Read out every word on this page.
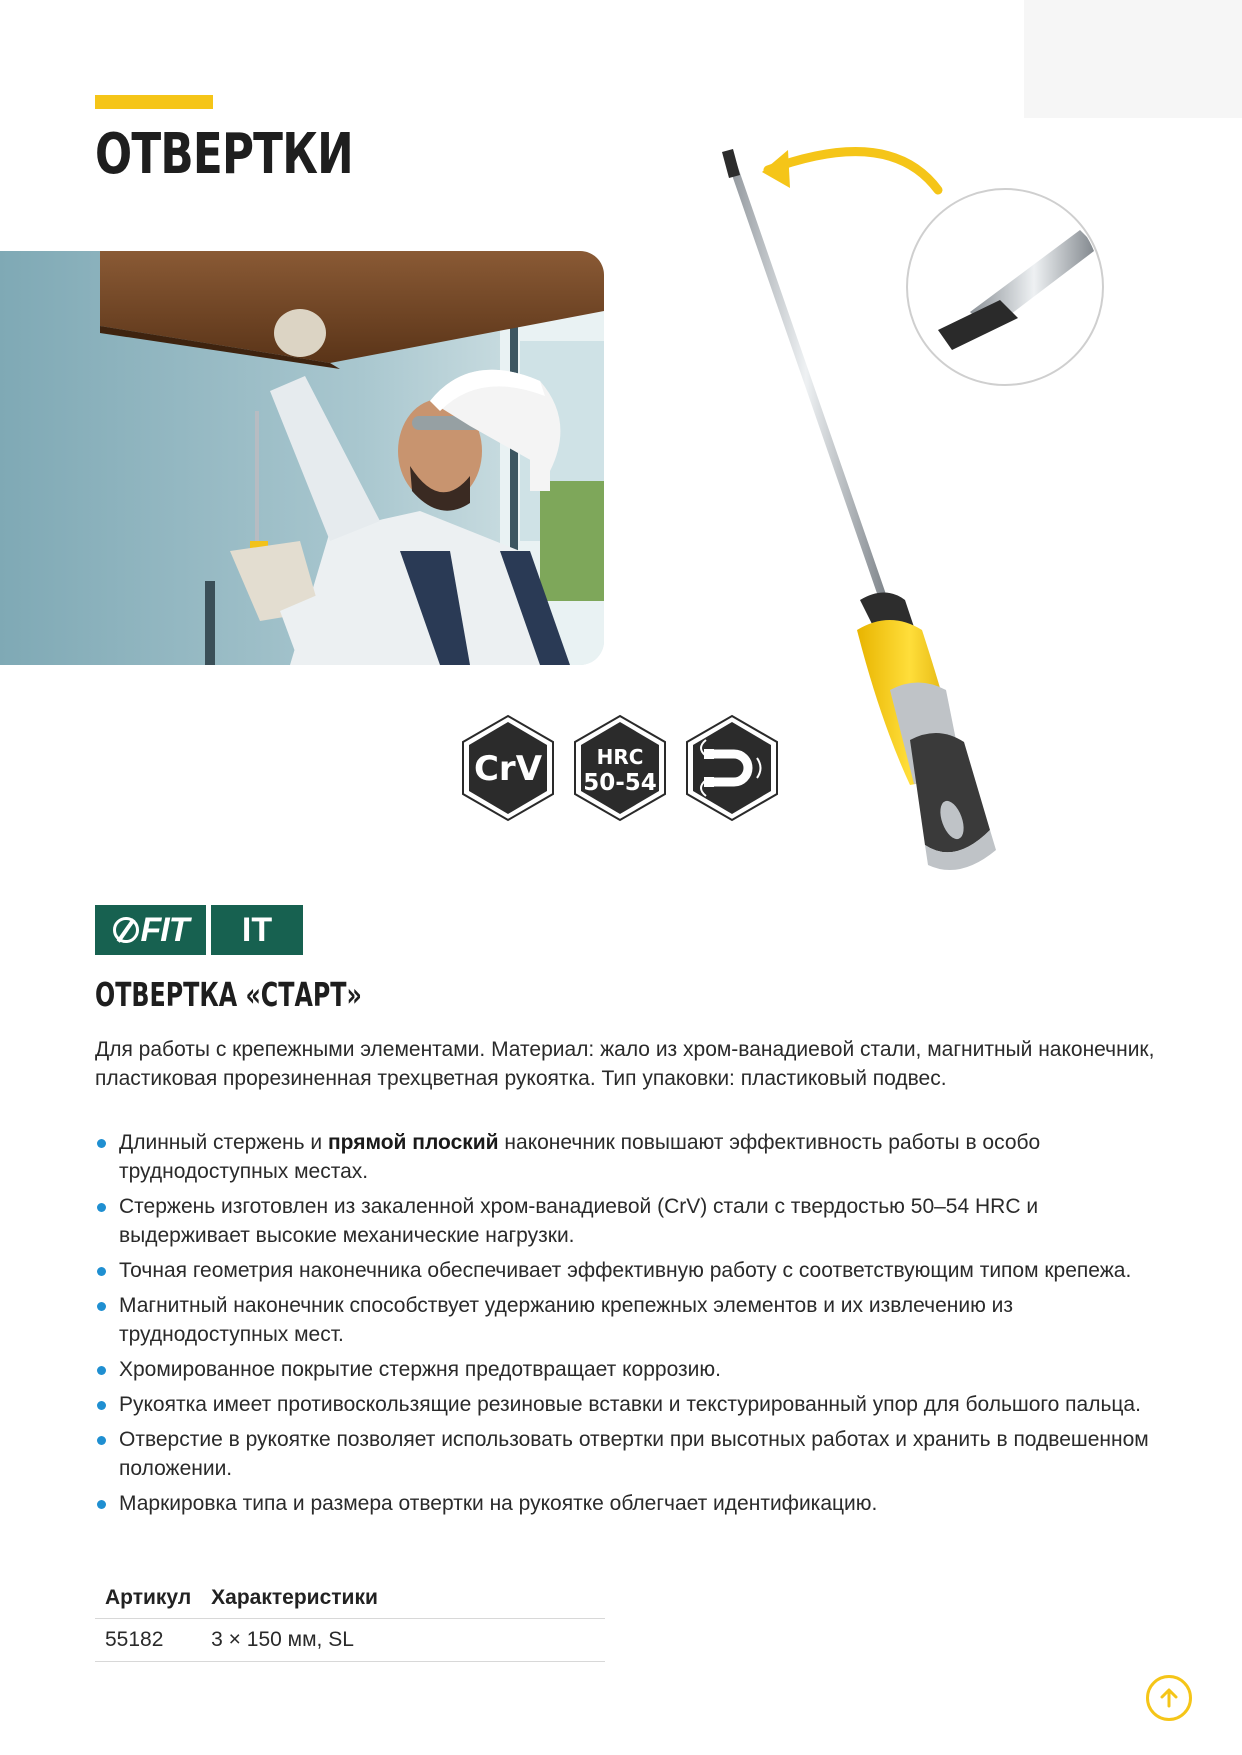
ОТВЕРТКИ
CrV	HRC
50-54
FIT	IT
ОТВЕРТКА «СТАРТ»

Для работы с крепежными элементами. Материал: жало из хром-ванадиевой стали, магнитный наконечник, пластиковая прорезиненная трехцветная рукоятка. Тип упаковки: пластиковый подвес.

Длинный стержень и прямой плоский наконечник повышают эффективность работы в особо труднодоступных местах.
Стержень изготовлен из закаленной хром-ванадиевой (CrV) стали с твердостью 50–54 HRC и выдерживает высокие механические нагрузки.
Точная геометрия наконечника обеспечивает эффективную работу с соответствующим типом крепежа.
Магнитный наконечник способствует удержанию крепежных элементов и их извлечению из труднодоступных мест.
Хромированное покрытие стержня предотвращает коррозию.
Рукоятка имеет противоскользящие резиновые вставки и текстурированный упор для большого пальца.
Отверстие в рукоятке позволяет использовать отвертки при высотных работах и хранить в подвешенном положении.
Маркировка типа и размера отвертки на рукоятке облегчает идентификацию.
Артикул	Характеристики
55182	3 × 150 мм, SL
